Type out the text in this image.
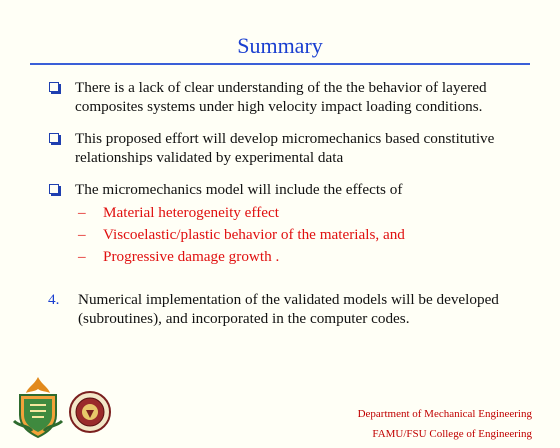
Summary
There is a lack of clear understanding of the the behavior of layered composites systems under high velocity impact loading conditions.
This proposed effort will develop micromechanics based constitutive relationships validated by experimental data
The micromechanics model will include the effects of
– Material heterogeneity effect
– Viscoelastic/plastic behavior of the materials, and
– Progressive damage growth .
4. Numerical implementation of the validated models will be developed (subroutines), and incorporated in the computer codes.
Department of Mechanical Engineering
FAMU/FSU College of Engineering
